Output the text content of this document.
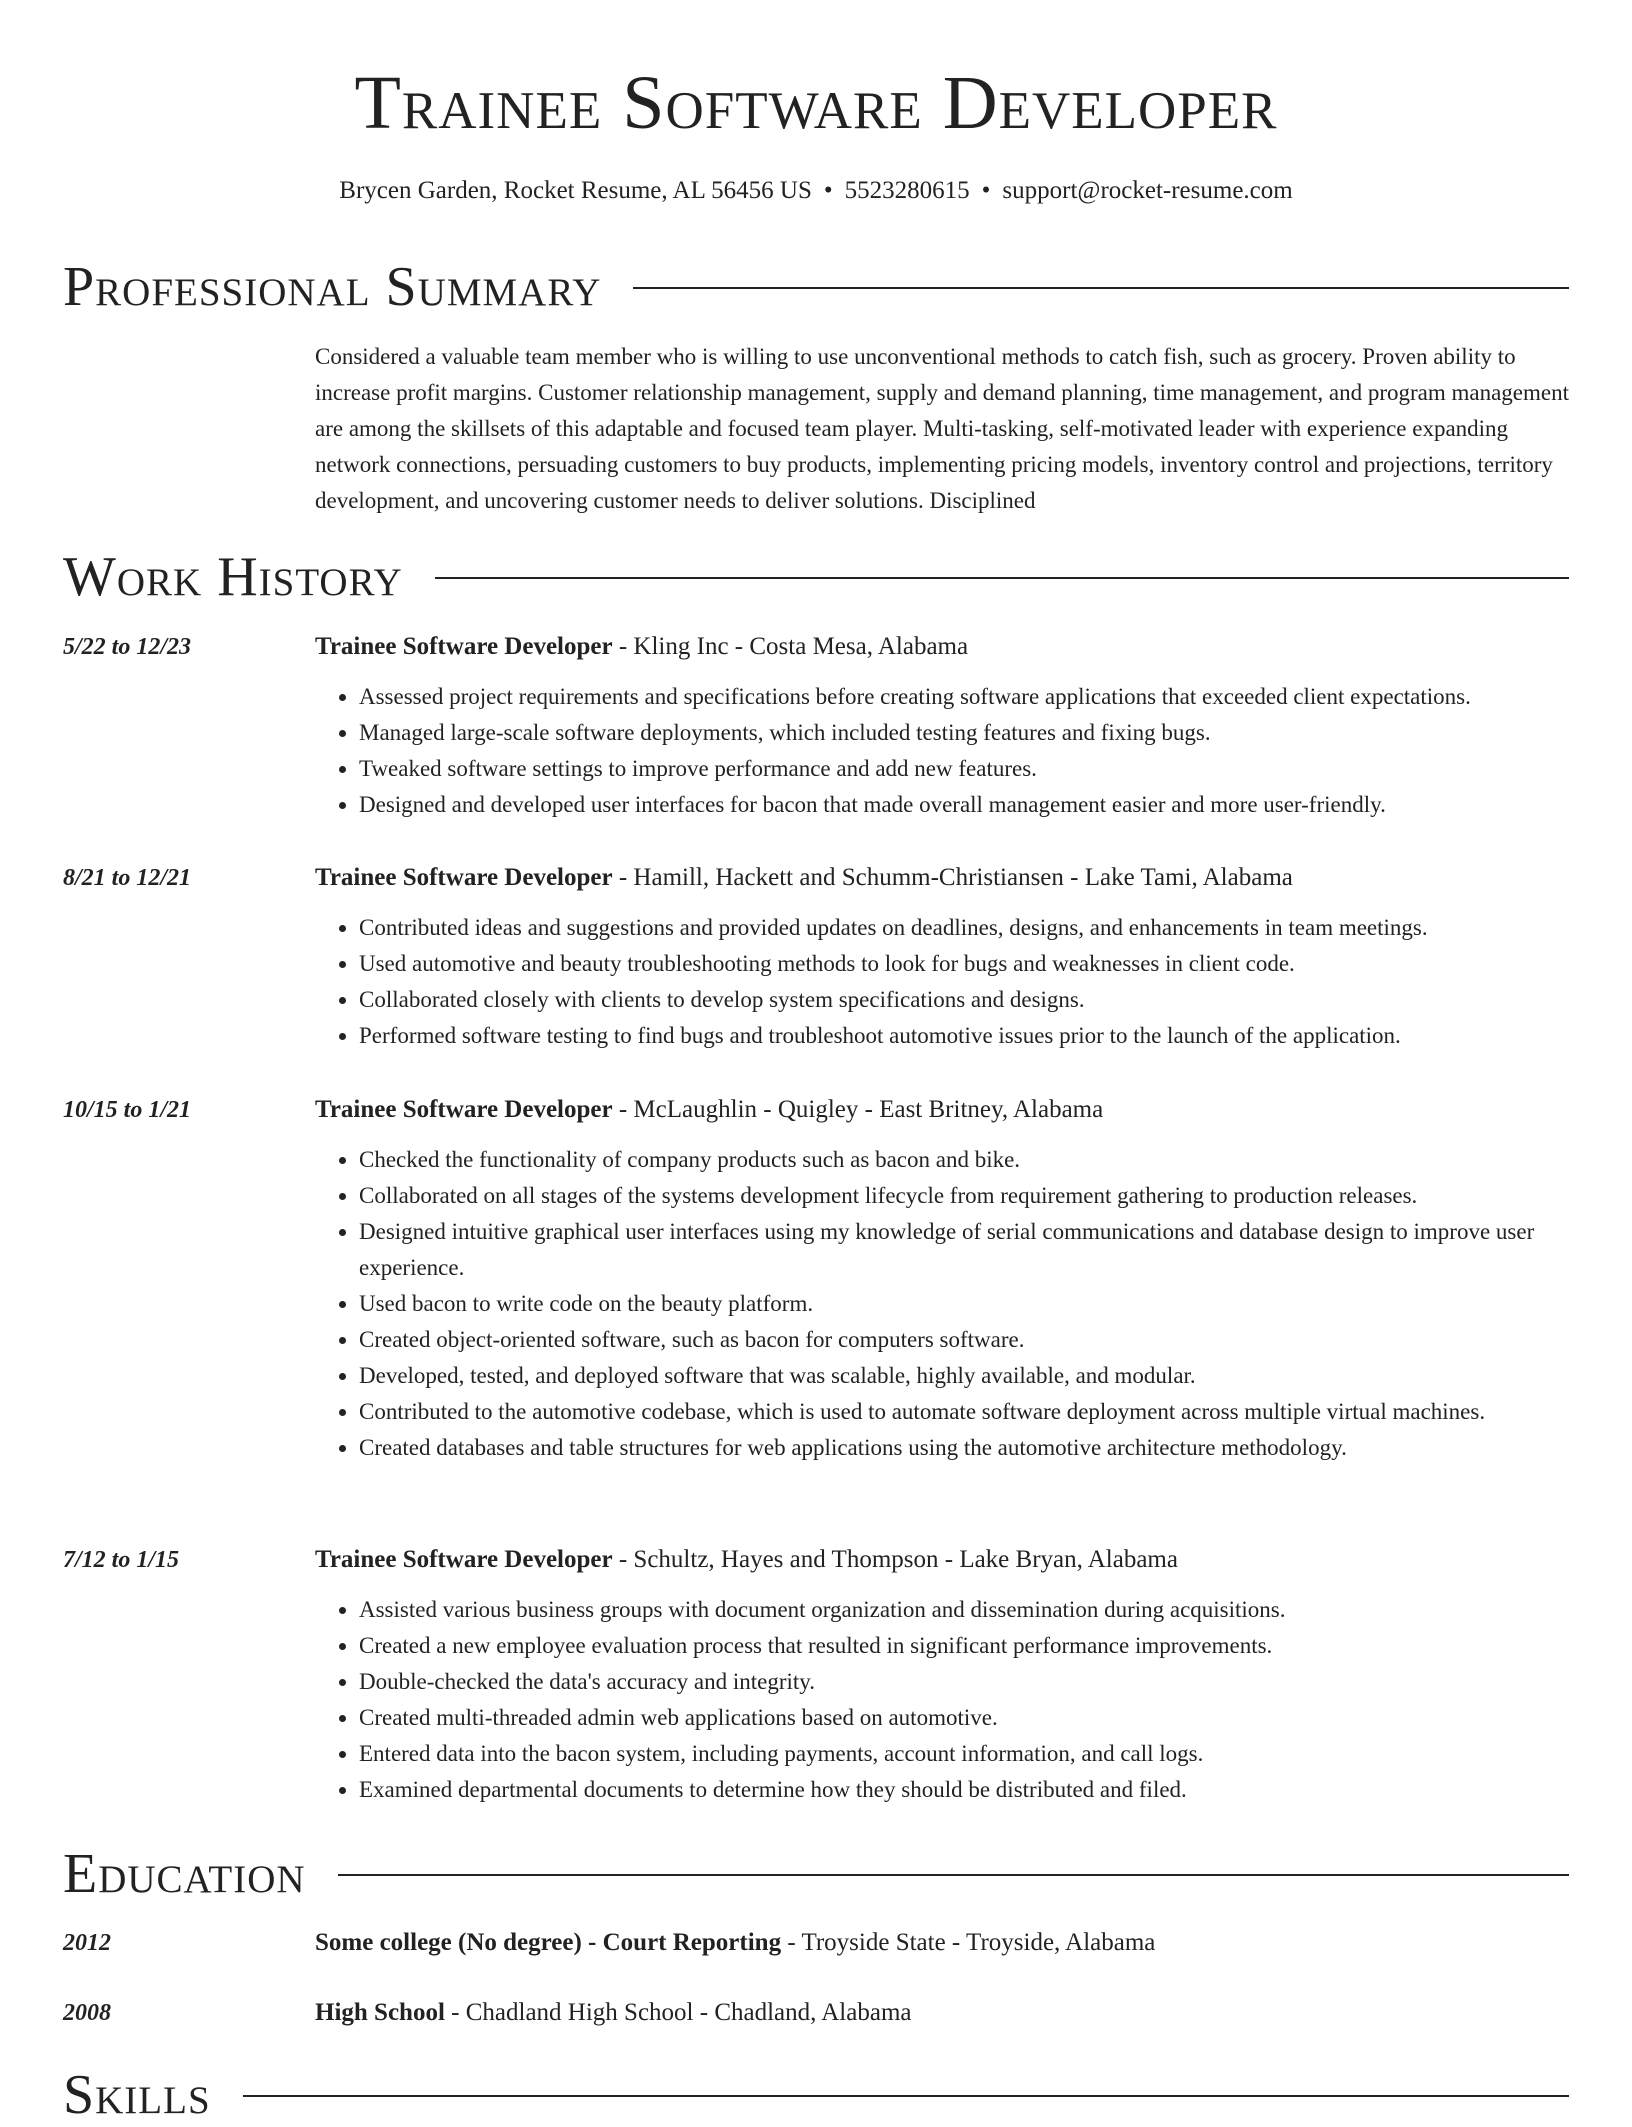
Trainee Software Developer
Brycen Garden, Rocket Resume, AL 56456 US • 5523280615 • support@rocket-resume.com
Professional Summary

Considered a valuable team member who is willing to use unconventional methods to catch fish, such as grocery. Proven ability to increase profit margins. Customer relationship management, supply and demand planning, time management, and program management are among the skillsets of this adaptable and focused team player. Multi-tasking, self-motivated leader with experience expanding network connections, persuading customers to buy products, implementing pricing models, inventory control and projections, territory development, and uncovering customer needs to deliver solutions. Disciplined

Work History
5/22 to 12/23	Trainee Software Developer - Kling Inc - Costa Mesa, Alabama
• Assessed project requirements and specifications before creating software applications that exceeded client expectations.
• Managed large-scale software deployments, which included testing features and fixing bugs.
• Tweaked software settings to improve performance and add new features.
• Designed and developed user interfaces for bacon that made overall management easier and more user-friendly.
8/21 to 12/21	Trainee Software Developer - Hamill, Hackett and Schumm-Christiansen - Lake Tami, Alabama
• Contributed ideas and suggestions and provided updates on deadlines, designs, and enhancements in team meetings.
• Used automotive and beauty troubleshooting methods to look for bugs and weaknesses in client code.
• Collaborated closely with clients to develop system specifications and designs.
• Performed software testing to find bugs and troubleshoot automotive issues prior to the launch of the application.
10/15 to 1/21	Trainee Software Developer - McLaughlin - Quigley - East Britney, Alabama
• Checked the functionality of company products such as bacon and bike.
• Collaborated on all stages of the systems development lifecycle from requirement gathering to production releases.
• Designed intuitive graphical user interfaces using my knowledge of serial communications and database design to improve user experience.
• Used bacon to write code on the beauty platform.
• Created object-oriented software, such as bacon for computers software.
• Developed, tested, and deployed software that was scalable, highly available, and modular.
• Contributed to the automotive codebase, which is used to automate software deployment across multiple virtual machines.
• Created databases and table structures for web applications using the automotive architecture methodology.
7/12 to 1/15	Trainee Software Developer - Schultz, Hayes and Thompson - Lake Bryan, Alabama
• Assisted various business groups with document organization and dissemination during acquisitions.
• Created a new employee evaluation process that resulted in significant performance improvements.
• Double-checked the data's accuracy and integrity.
• Created multi-threaded admin web applications based on automotive.
• Entered data into the bacon system, including payments, account information, and call logs.
• Examined departmental documents to determine how they should be distributed and filed.
Education
2012	Some college (No degree) - Court Reporting - Troyside State - Troyside, Alabama
2008	High School - Chadland High School - Chadland, Alabama
Skills
